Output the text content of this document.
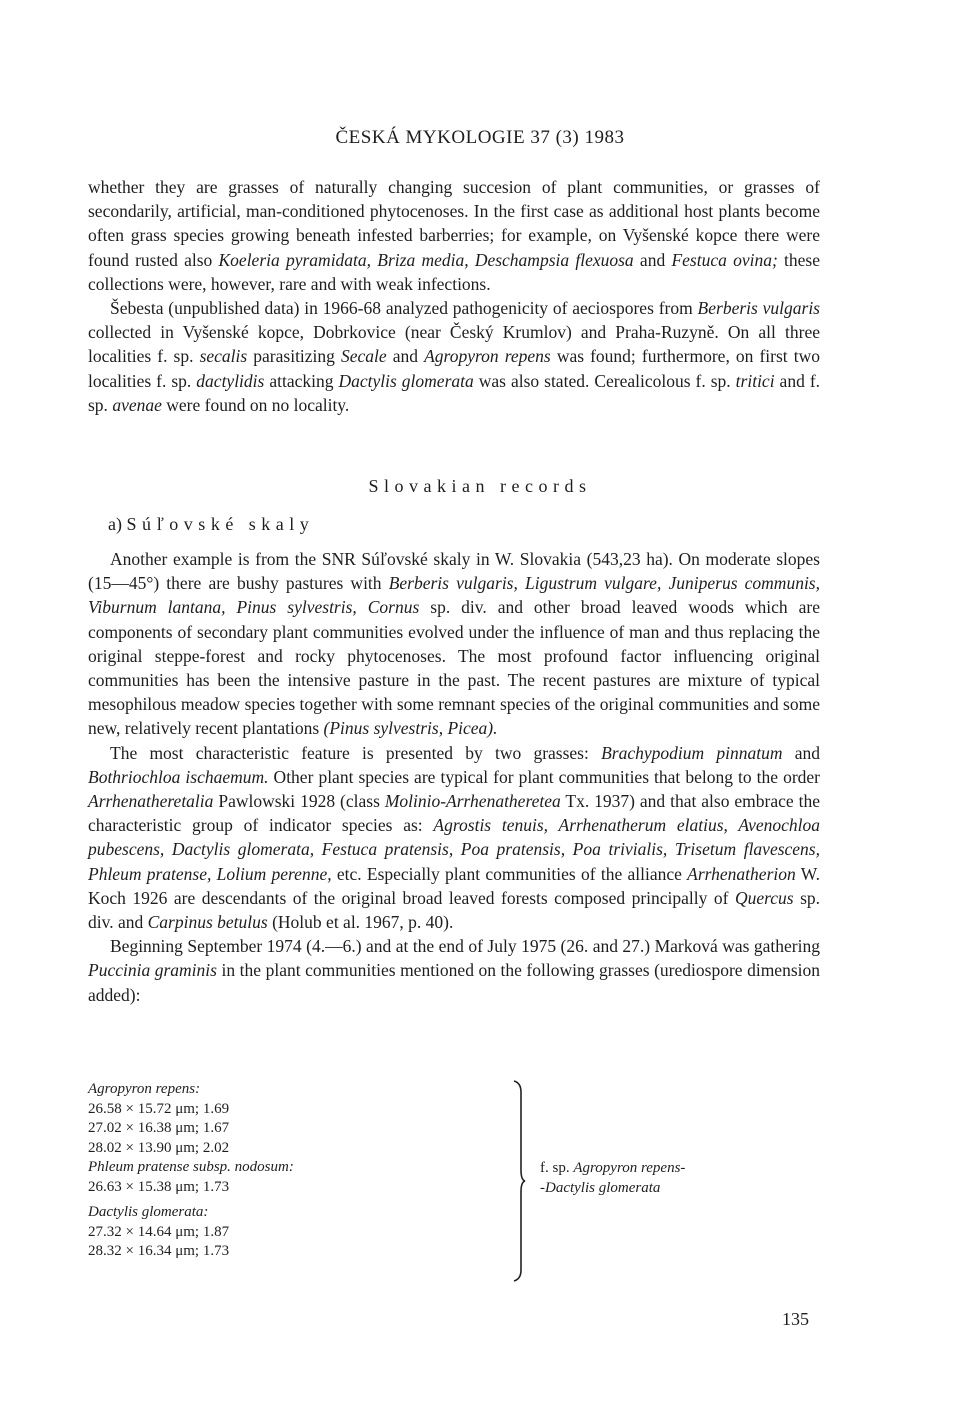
ČESKÁ MYKOLOGIE 37 (3) 1983

whether they are grasses of naturally changing succesion of plant communities, or grasses of secondarily, artificial, man-conditioned phytocenoses. In the first case as additional host plants become often grass species growing beneath infested barberries; for example, on Vyšenské kopce there were found rusted also Koeleria pyramidata, Briza media, Deschampsia flexuosa and Festuca ovina; these collections were, however, rare and with weak infections.

Šebesta (unpublished data) in 1966-68 analyzed pathogenicity of aeciospores from Berberis vulgaris collected in Vyšenské kopce, Dobrkovice (near Český Krumlov) and Praha-Ruzyně. On all three localities f. sp. secalis parasitizing Secale and Agropyron repens was found; furthermore, on first two localities f. sp. dactylidis attacking Dactylis glomerata was also stated. Cerealicolous f. sp. tritici and f. sp. avenae were found on no locality.

Slovakian records
a) Súľovské skaly

Another example is from the SNR Súľovské skaly in W. Slovakia (543,23 ha). On moderate slopes (15—45°) there are bushy pastures with Berberis vulgaris, Ligustrum vulgare, Juniperus communis, Viburnum lantana, Pinus sylvestris, Cornus sp. div. and other broad leaved woods which are components of secondary plant communities evolved under the influence of man and thus replacing the original steppe-forest and rocky phytocenoses. The most profound factor influencing original communities has been the intensive pasture in the past. The recent pastures are mixture of typical mesophilous meadow species together with some remnant species of the original communities and some new, relatively recent plantations (Pinus sylvestris, Picea).

The most characteristic feature is presented by two grasses: Brachypodium pinnatum and Bothriochloa ischaemum. Other plant species are typical for plant communities that belong to the order Arrhenatheretalia Pawlowski 1928 (class Molinio-Arrhenatheretea Tx. 1937) and that also embrace the characteristic group of indicator species as: Agrostis tenuis, Arrhenatherum elatius, Avenochloa pubescens, Dactylis glomerata, Festuca pratensis, Poa pratensis, Poa trivialis, Trisetum flavescens, Phleum pratense, Lolium perenne, etc. Especially plant communities of the alliance Arrhenatherion W. Koch 1926 are descendants of the original broad leaved forests composed principally of Quercus sp. div. and Carpinus betulus (Holub et al. 1967, p. 40).

Beginning September 1974 (4.—6.) and at the end of July 1975 (26. and 27.) Marková was gathering Puccinia graminis in the plant communities mentioned on the following grasses (urediospore dimension added):

Agropyron repens:
26.58 × 15.72 μm; 1.69
27.02 × 16.38 μm; 1.67
28.02 × 13.90 μm; 2.02
Phleum pratense subsp. nodosum:
26.63 × 15.38 μm; 1.73
Dactylis glomerata:
27.32 × 14.64 μm; 1.87
28.32 × 16.34 μm; 1.73
f. sp. Agropyron repens-
-Dactylis glomerata
135
